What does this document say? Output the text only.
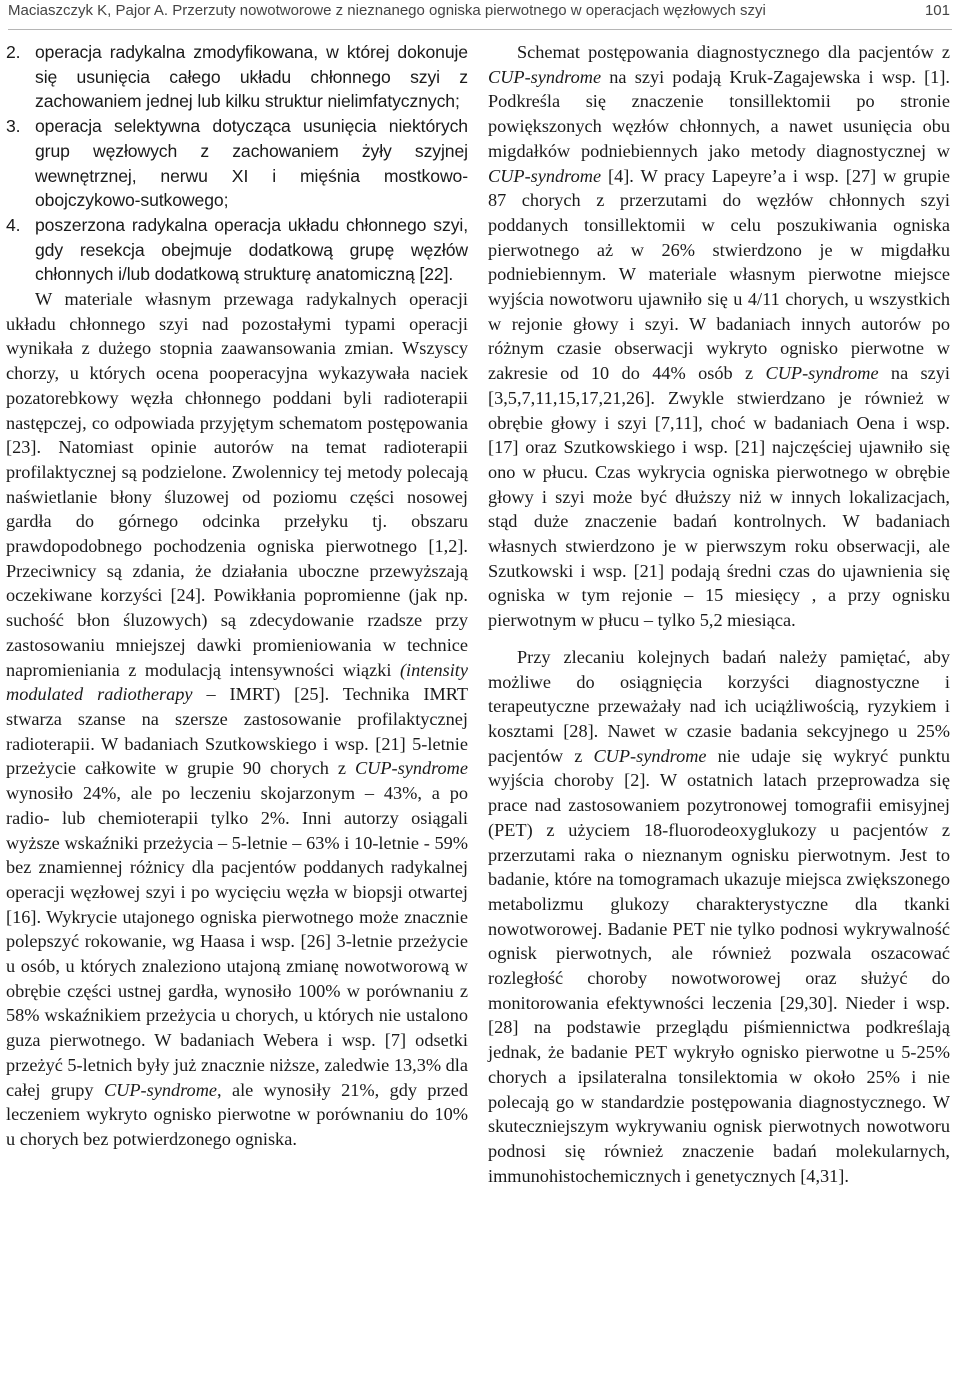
Maciaszczyk K, Pajor A. Przerzuty nowotworowe z nieznanego ogniska pierwotnego w operacjach węzłowych szyi	101
2. operacja radykalna zmodyfikowana, w której dokonuje się usunięcia całego układu chłonnego szyi z zachowaniem jednej lub kilku struktur nielimfatycznych;
3. operacja selektywna dotycząca usunięcia niektórych grup węzłowych z zachowaniem żyły szyjnej wewnętrznej, nerwu XI i mięśnia mostkowo-obojczykowo-sutkowego;
4. poszerzona radykalna operacja układu chłonnego szyi, gdy resekcja obejmuje dodatkową grupę węzłów chłonnych i/lub dodatkową strukturę anatomiczną [22].

W materiale własnym przewaga radykalnych operacji układu chłonnego szyi nad pozostałymi typami operacji wynikała z dużego stopnia zaawansowania zmian. Wszyscy chorzy, u których ocena pooperacyjna wykazywała naciek pozatorebkowy węzła chłonnego poddani byli radioterapii następczej, co odpowiada przyjętym schematom postępowania [23]. Natomiast opinie autorów na temat radioterapii profilaktycznej są podzielone. Zwolennicy tej metody polecają naświetlanie błony śluzowej od poziomu części nosowej gardła do górnego odcinka przełyku tj. obszaru prawdopodobnego pochodzenia ogniska pierwotnego [1,2]. Przeciwnicy są zdania, że działania uboczne przewyższają oczekiwane korzyści [24]. Powikłania popromienne (jak np. suchość błon śluzowych) są zdecydowanie rzadsze przy zastosowaniu mniejszej dawki promieniowania w technice napromieniania z modulacją intensywności wiązki (intensity modulated radiotherapy – IMRT) [25]. Technika IMRT stwarza szanse na szersze zastosowanie profilaktycznej radioterapii. W badaniach Szutkowskiego i wsp. [21] 5-letnie przeżycie całkowite w grupie 90 chorych z CUP-syndrome wynosiło 24%, ale po leczeniu skojarzonym – 43%, a po radio- lub chemioterapii tylko 2%. Inni autorzy osiągali wyższe wskaźniki przeżycia – 5-letnie – 63% i 10-letnie - 59% bez znamiennej różnicy dla pacjentów poddanych radykalnej operacji węzłowej szyi i po wycięciu węzła w biopsji otwartej [16]. Wykrycie utajonego ogniska pierwotnego może znacznie polepszyć rokowanie, wg Haasa i wsp. [26] 3-letnie przeżycie u osób, u których znaleziono utajoną zmianę nowotworową w obrębie części ustnej gardła, wynosiło 100% w porównaniu z 58% wskaźnikiem przeżycia u chorych, u których nie ustalono guza pierwotnego. W badaniach Webera i wsp. [7] odsetki przeżyć 5-letnich były już znacznie niższe, zaledwie 13,3% dla całej grupy CUP-syndrome, ale wynosiły 21%, gdy przed leczeniem wykryto ognisko pierwotne w porównaniu do 10% u chorych bez potwierdzonego ogniska.

Schemat postępowania diagnostycznego dla pacjentów z CUP-syndrome na szyi podają Kruk-Zagajewska i wsp. [1]. Podkreśla się znaczenie tonsillektomii po stronie powiększonych węzłów chłonnych, a nawet usunięcia obu migdałków podniebiennych jako metody diagnostycznej w CUP-syndrome [4]. W pracy Lapeyre’a i wsp. [27] w grupie 87 chorych z przerzutami do węzłów chłonnych szyi poddanych tonsillektomii w celu poszukiwania ogniska pierwotnego aż w 26% stwierdzono je w migdałku podniebiennym. W materiale własnym pierwotne miejsce wyjścia nowotworu ujawniło się u 4/11 chorych, u wszystkich w rejonie głowy i szyi. W badaniach innych autorów po różnym czasie obserwacji wykryto ognisko pierwotne w zakresie od 10 do 44% osób z CUP-syndrome na szyi [3,5,7,11,15,17,21,26]. Zwykle stwierdzano je również w obrębie głowy i szyi [7,11], choć w badaniach Oena i wsp. [17] oraz Szutkowskiego i wsp. [21] najczęściej ujawniło się ono w płucu. Czas wykrycia ogniska pierwotnego w obrębie głowy i szyi może być dłuższy niż w innych lokalizacjach, stąd duże znaczenie badań kontrolnych. W badaniach własnych stwierdzono je w pierwszym roku obserwacji, ale Szutkowski i wsp. [21] podają średni czas do ujawnienia się ogniska w tym rejonie – 15 miesięcy , a przy ognisku pierwotnym w płucu – tylko 5,2 miesiąca.

Przy zlecaniu kolejnych badań należy pamiętać, aby możliwe do osiągnięcia korzyści diagnostyczne i terapeutyczne przeważały nad ich uciążliwością, ryzykiem i kosztami [28]. Nawet w czasie badania sekcyjnego u 25% pacjentów z CUP-syndrome nie udaje się wykryć punktu wyjścia choroby [2]. W ostatnich latach przeprowadza się prace nad zastosowaniem pozytronowej tomografii emisyjnej (PET) z użyciem 18-fluorodeoxyglukozy u pacjentów z przerzutami raka o nieznanym ognisku pierwotnym. Jest to badanie, które na tomogramach ukazuje miejsca zwiększonego metabolizmu glukozy charakterystyczne dla tkanki nowotworowej. Badanie PET nie tylko podnosi wykrywalność ognisk pierwotnych, ale również pozwala oszacować rozległość choroby nowotworowej oraz służyć do monitorowania efektywności leczenia [29,30]. Nieder i wsp. [28] na podstawie przeglądu piśmiennictwa podkreślają jednak, że badanie PET wykryło ognisko pierwotne u 5-25% chorych a ipsilateralna tonsilektomia w około 25% i nie polecają go w standardzie postępowania diagnostycznego. W skuteczniejszym wykrywaniu ognisk pierwotnych nowotworu podnosi się również znaczenie badań molekularnych, immunohistochemicznych i genetycznych [4,31].
